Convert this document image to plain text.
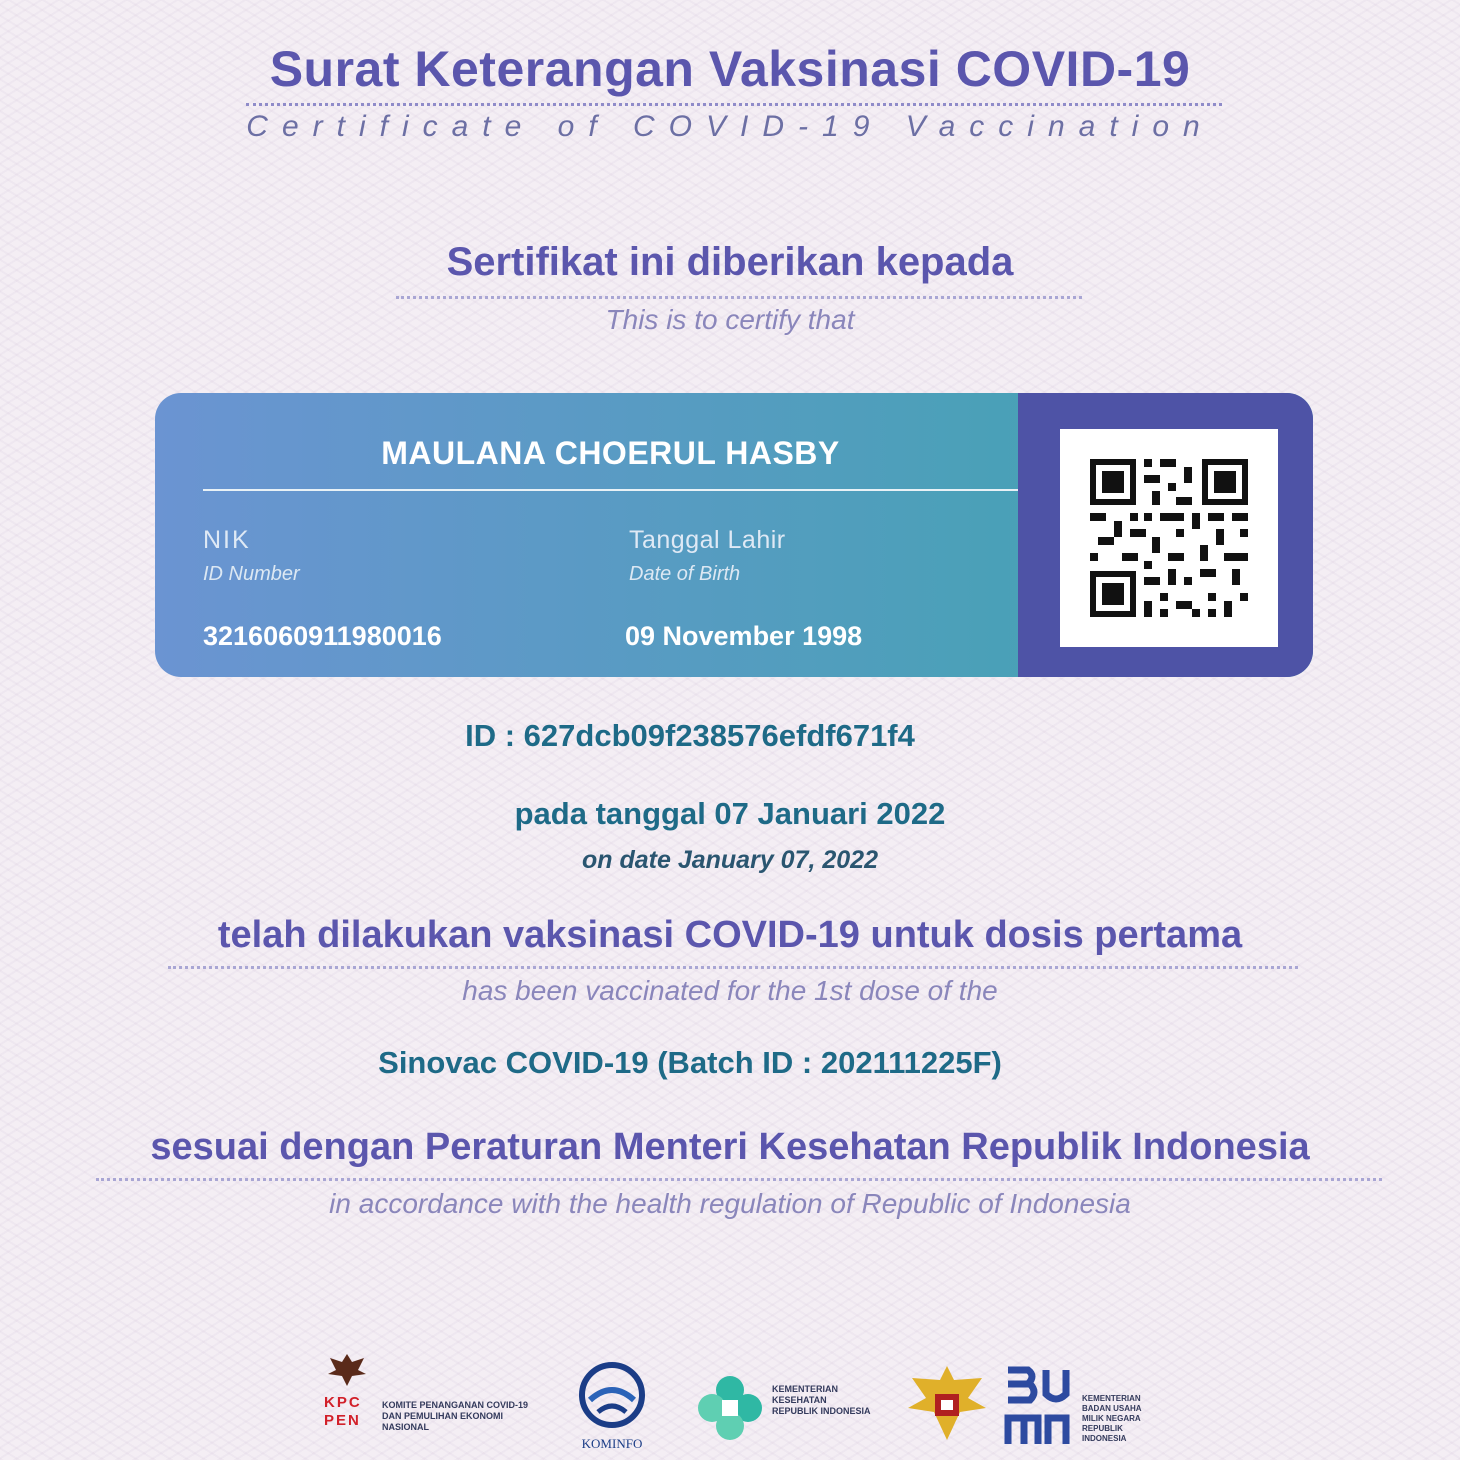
Surat Keterangan Vaksinasi COVID-19
Certificate of COVID-19 Vaccination
Sertifikat ini diberikan kepada
This is to certify that
MAULANA CHOERUL HASBY
NIK
ID Number
3216060911980016
Tanggal Lahir
Date of Birth
09 November 1998
ID : 627dcb09f238576efdf671f4
pada tanggal 07 Januari 2022
on date January 07, 2022
telah dilakukan vaksinasi COVID-19 untuk dosis pertama
has been vaccinated for the 1st dose of the
Sinovac COVID-19 (Batch ID : 202111225F)
sesuai dengan Peraturan Menteri Kesehatan Republik Indonesia
in accordance with the health regulation of Republic of Indonesia
KPC PEN
KOMITE PENANGANAN COVID-19 DAN PEMULIHAN EKONOMI NASIONAL
KOMINFO
KEMENTERIAN KESEHATAN REPUBLIK INDONESIA
KEMENTERIAN BADAN USAHA MILIK NEGARA REPUBLIK INDONESIA
